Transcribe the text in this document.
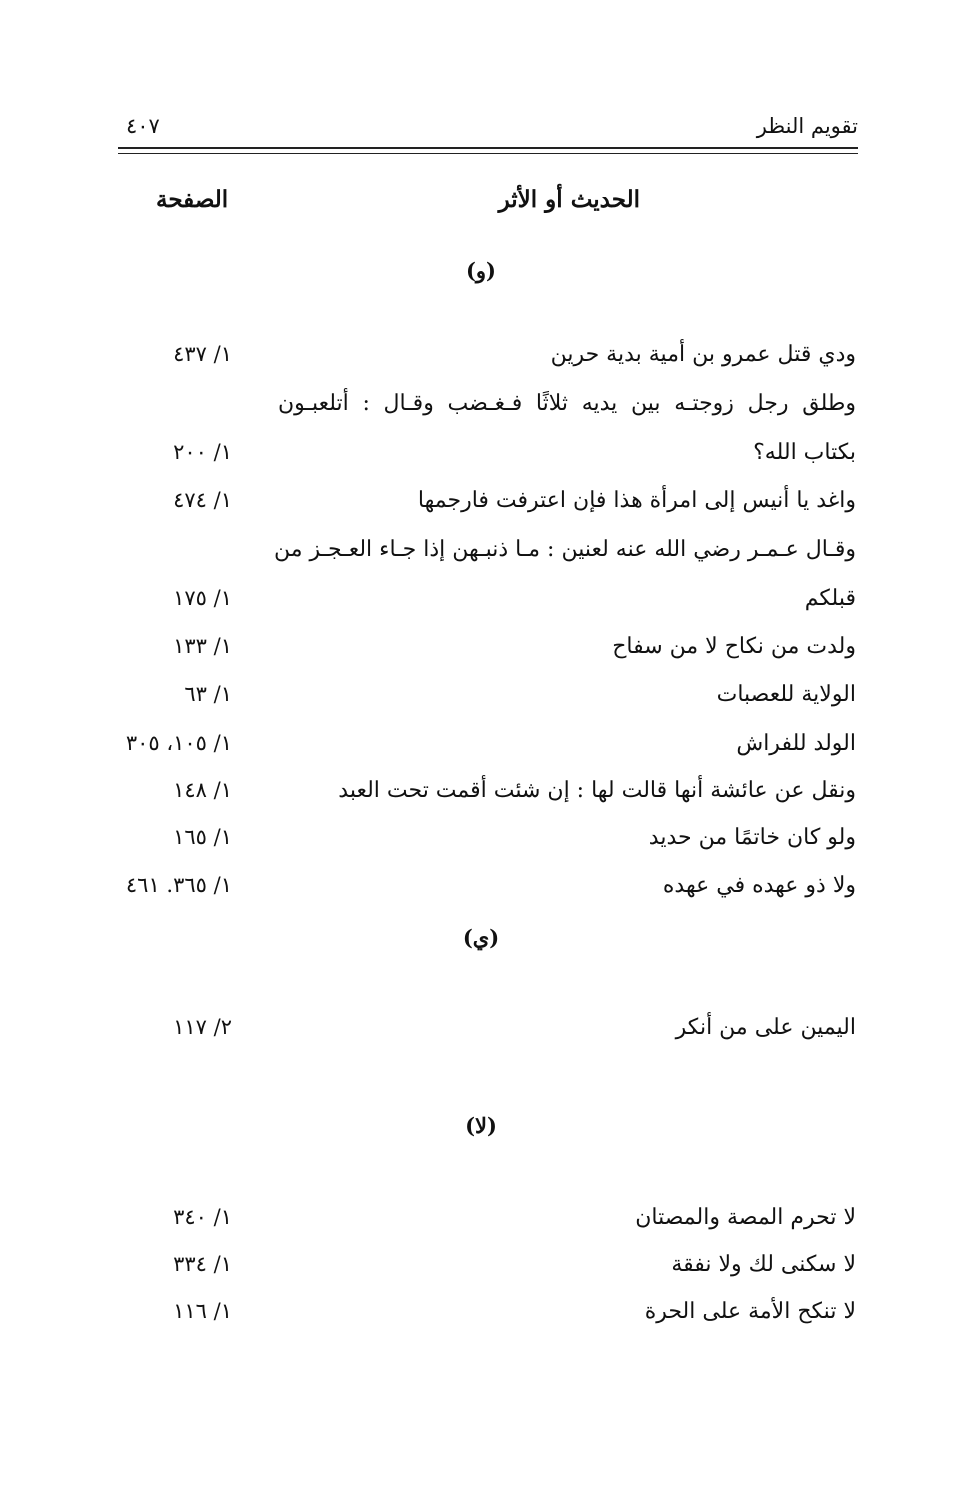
تقويم النظر
٤٠٧
الحديث أو الأثر
الصفحة
(و)
ودي قتل عمرو بن أمية بدية حرين
١/ ٤٣٧
وطلق رجل زوجتـه بين يديه ثلاثًا فـغـضب وقـال : أتلعبـون
بكتاب الله؟
١/ ٢٠٠
واغد يا أنيس إلى امرأة هذا فإن اعترفت فارجمها
١/ ٤٧٤
وقـال عـمـر رضي الله عنه لعنين : مـا ذنبـهن إذا جـاء العـجـز من
قبلكم
١/ ١٧٥
ولدت من نكاح لا من سفاح
١/ ١٣٣
الولاية للعصبات
١/ ٦٣
الولد للفراش
١/ ١٠٥، ٣٠٥
ونقل عن عائشة أنها قالت لها : إن شئت أقمت تحت العبد
١/ ١٤٨
ولو كان خاتمًا من حديد
١/ ١٦٥
ولا ذو عهده في عهده
١/ ٣٦٥. ٤٦١
(ي)
اليمين على من أنكر
٢/ ١١٧
(لا)
لا تحرم المصة والمصتان
١/ ٣٤٠
لا سكنى لك ولا نفقة
١/ ٣٣٤
لا تنكح الأمة على الحرة
١/ ١١٦
